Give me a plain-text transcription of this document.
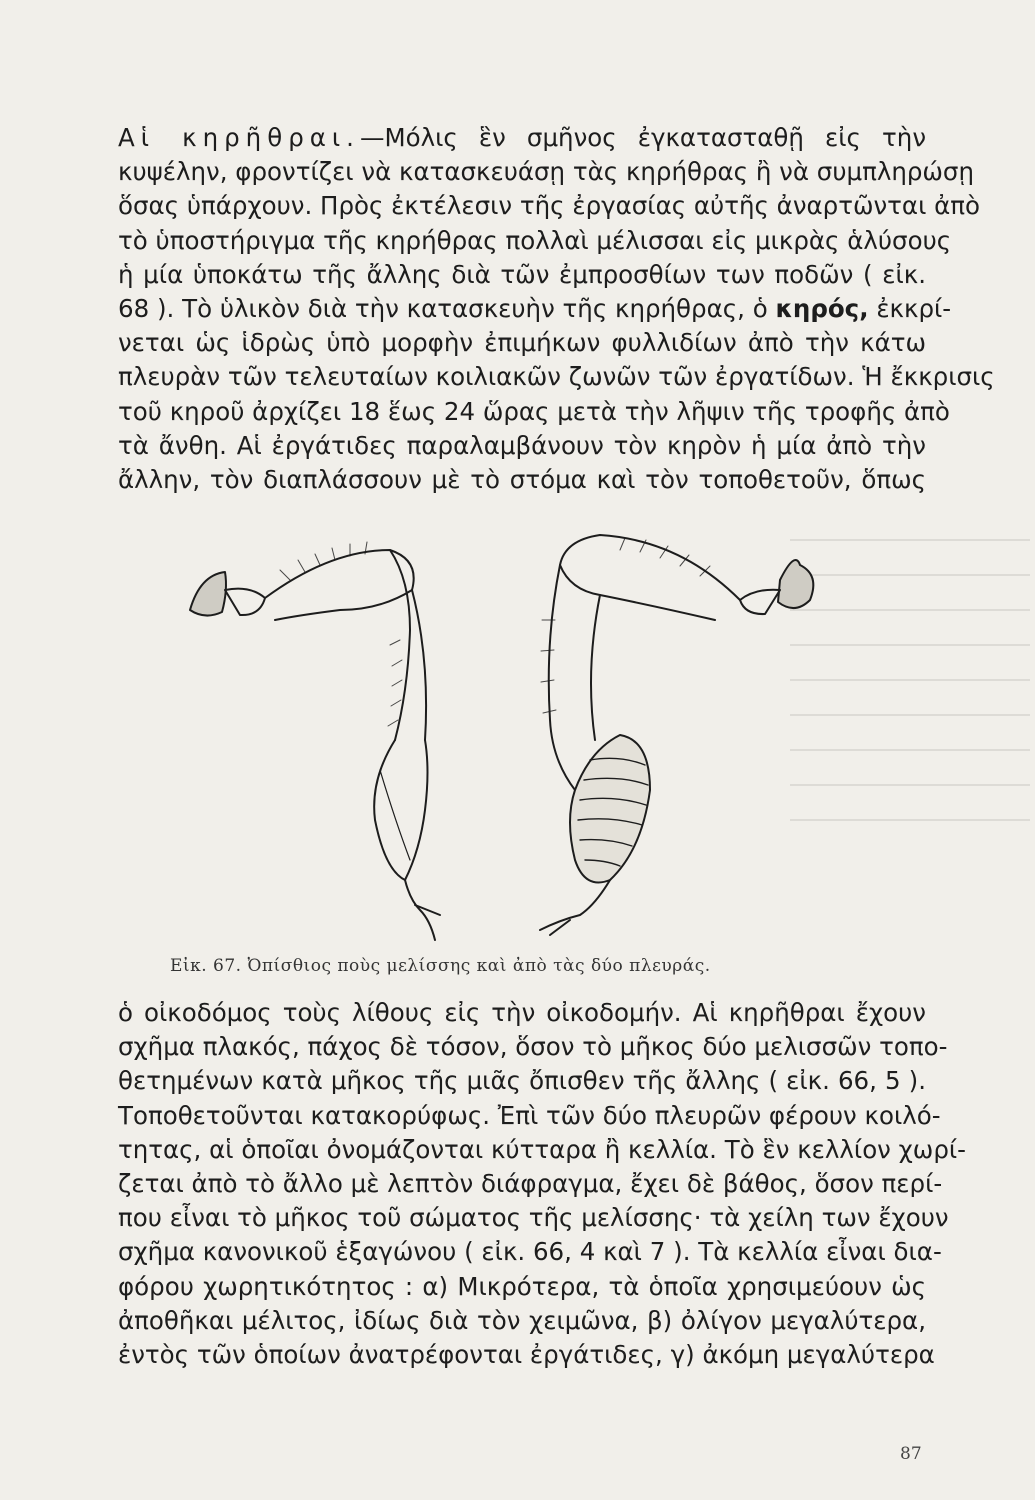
Αἱ κηρῆθραι.—Μόλις ἓν σμῆνος ἐγκατασταθῇ εἰς τὴν
κυψέλην, φροντίζει νὰ κατασκευάσῃ τὰς κηρήθρας ἢ νὰ συμπληρώσῃ
ὅσας ὑπάρχουν. Πρὸς ἐκτέλεσιν τῆς ἐργασίας αὐτῆς ἀναρτῶνται ἀπὸ
τὸ ὑποστήριγμα τῆς κηρήθρας πολλαὶ μέλισσαι εἰς μικρὰς ἁλύσους
ἡ μία ὑποκάτω τῆς ἄλλης διὰ τῶν ἐμπροσθίων των ποδῶν ( εἰκ.
68 ). Τὸ ὑλικὸν διὰ τὴν κατασκευὴν τῆς κηρήθρας, ὁ κηρός, ἐκκρί-
νεται ὡς ἱδρὼς ὑπὸ μορφὴν ἐπιμήκων φυλλιδίων ἀπὸ τὴν κάτω
πλευρὰν τῶν τελευταίων κοιλιακῶν ζωνῶν τῶν ἐργατίδων. Ἡ ἔκκρισις
τοῦ κηροῦ ἀρχίζει 18 ἕως 24 ὥρας μετὰ τὴν λῆψιν τῆς τροφῆς ἀπὸ
τὰ ἄνθη. Αἱ ἐργάτιδες παραλαμβάνουν τὸν κηρὸν ἡ μία ἀπὸ τὴν
ἄλλην, τὸν διαπλάσσουν μὲ τὸ στόμα καὶ τὸν τοποθετοῦν, ὅπως

Εἰκ. 67. Ὀπίσθιος ποὺς μελίσσης καὶ ἀπὸ τὰς δύο πλευράς.

ὁ οἰκοδόμος τοὺς λίθους εἰς τὴν οἰκοδομήν. Αἱ κηρῆθραι ἔχουν
σχῆμα πλακός, πάχος δὲ τόσον, ὅσον τὸ μῆκος δύο μελισσῶν τοπο-
θετημένων κατὰ μῆκος τῆς μιᾶς ὄπισθεν τῆς ἄλλης ( εἰκ. 66, 5 ).
Τοποθετοῦνται κατακορύφως. Ἐπὶ τῶν δύο πλευρῶν φέρουν κοιλό-
τητας, αἱ ὁποῖαι ὀνομάζονται κύτταρα ἢ κελλία. Τὸ ἓν κελλίον χωρί-
ζεται ἀπὸ τὸ ἄλλο μὲ λεπτὸν διάφραγμα, ἔχει δὲ βάθος, ὅσον περί-
που εἶναι τὸ μῆκος τοῦ σώματος τῆς μελίσσης· τὰ χείλη των ἔχουν
σχῆμα κανονικοῦ ἑξαγώνου ( εἰκ. 66, 4 καὶ 7 ). Τὰ κελλία εἶναι δια-
φόρου χωρητικότητος : α) Μικρότερα, τὰ ὁποῖα χρησιμεύουν ὡς
ἀποθῆκαι μέλιτος, ἰδίως διὰ τὸν χειμῶνα, β) ὀλίγον μεγαλύτερα,
ἐντὸς τῶν ὁποίων ἀνατρέφονται ἐργάτιδες, γ) ἀκόμη μεγαλύτερα

87
